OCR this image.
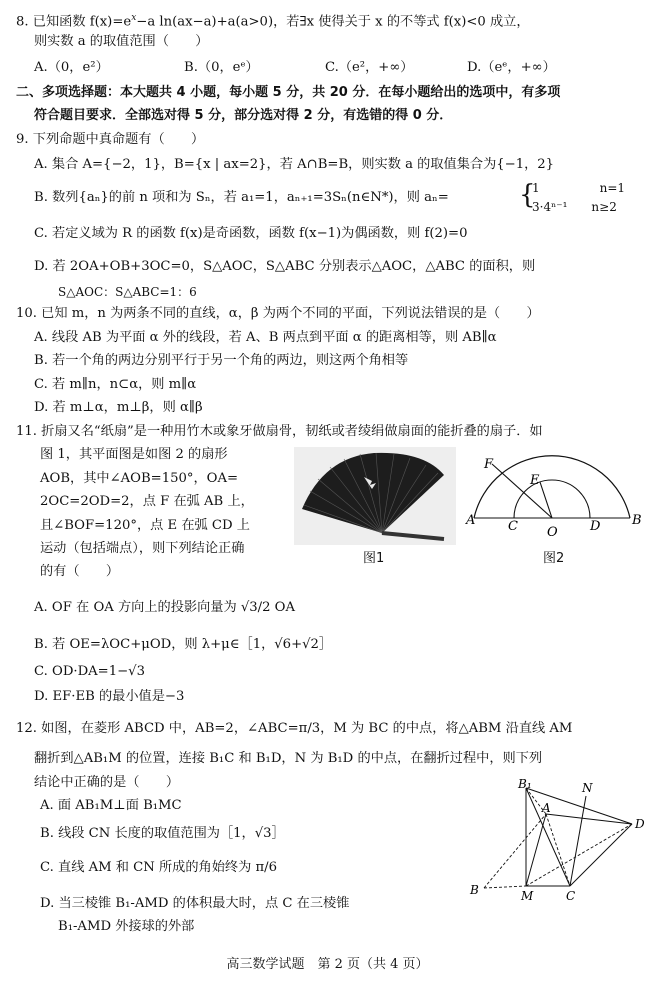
8. 已知函数 $f(x)=e^x-a$ ln(ax−a)+a(a>0)，若∃x 使得关于 x 的不等式 f(x)<0 成立，
则实数 a 的取值范围（　　）
A.（0，e²）	B.（0，eᵉ）	C.（e²，+∞）	D.（eᵉ，+∞）
二、多项选择题：本大题共 4 小题，每小题 5 分，共 20 分．在每小题给出的选项中，有多项
符合题目要求．全部选对得 5 分，部分选对得 2 分，有选错的得 0 分．
9. 下列命题中真命题有（　　）
A. 集合 A={−2，1}，B={x | ax=2}，若 A∩B=B，则实数 a 的取值集合为{−1，2}
B. 数列{aₙ}的前 n 项和为 Sₙ，若 a₁=1，aₙ₊₁=3Sₙ(n∈N*)，则 aₙ=	{
1　　　　　n=1
3·4ⁿ⁻¹　　n≥2
C. 若定义域为 R 的函数 f(x)是奇函数，函数 f(x−1)为偶函数，则 f(2)=0
D. 若 2OA+OB+3OC=0，S△AOC，S△ABC 分别表示△AOC，△ABC 的面积，则
S△AOC：S△ABC=1：6
10. 已知 m，n 为两条不同的直线，α，β 为两个不同的平面，下列说法错误的是（　　）
A. 线段 AB 为平面 α 外的线段，若 A、B 两点到平面 α 的距离相等，则 AB∥α
B. 若一个角的两边分别平行于另一个角的两边，则这两个角相等
C. 若 m∥n，n⊂α，则 m∥α
D. 若 m⊥α，m⊥β，则 α∥β
11. 折扇又名“纸扇”是一种用竹木或象牙做扇骨，韧纸或者绫绢做扇面的能折叠的扇子．如
图 1，其平面图是如图 2 的扇形
AOB，其中∠AOB=150°，OA=
2OC=2OD=2，点 F 在弧 AB 上，
且∠BOF=120°，点 E 在弧 CD 上
运动（包括端点），则下列结论正确
的有（　　）
图1
F
E
A	C O D B
图2
A. OF 在 OA 方向上的投影向量为 √3/2 OA
B. 若 OE=λOC+μOD，则 λ+μ∈［1，√6+√2］
C. OD·DA=1−√3
D. EF·EB 的最小值是−3
12. 如图，在菱形 ABCD 中，AB=2，∠ABC=π/3，M 为 BC 的中点，将△ABM 沿直线 AM
翻折到△AB₁M 的位置，连接 B₁C 和 B₁D，N 为 B₁D 的中点，在翻折过程中，则下列
结论中正确的是（　　）
A. 面 AB₁M⊥面 B₁MC
B. 线段 CN 长度的取值范围为［1，√3］
C. 直线 AM 和 CN 所成的角始终为 π/6
D. 当三棱锥 B₁-AMD 的体积最大时，点 C 在三棱锥
B₁-AMD 外接球的外部
B₁	N
A
D
B	M	C
高三数学试题　第 2 页（共 4 页）
